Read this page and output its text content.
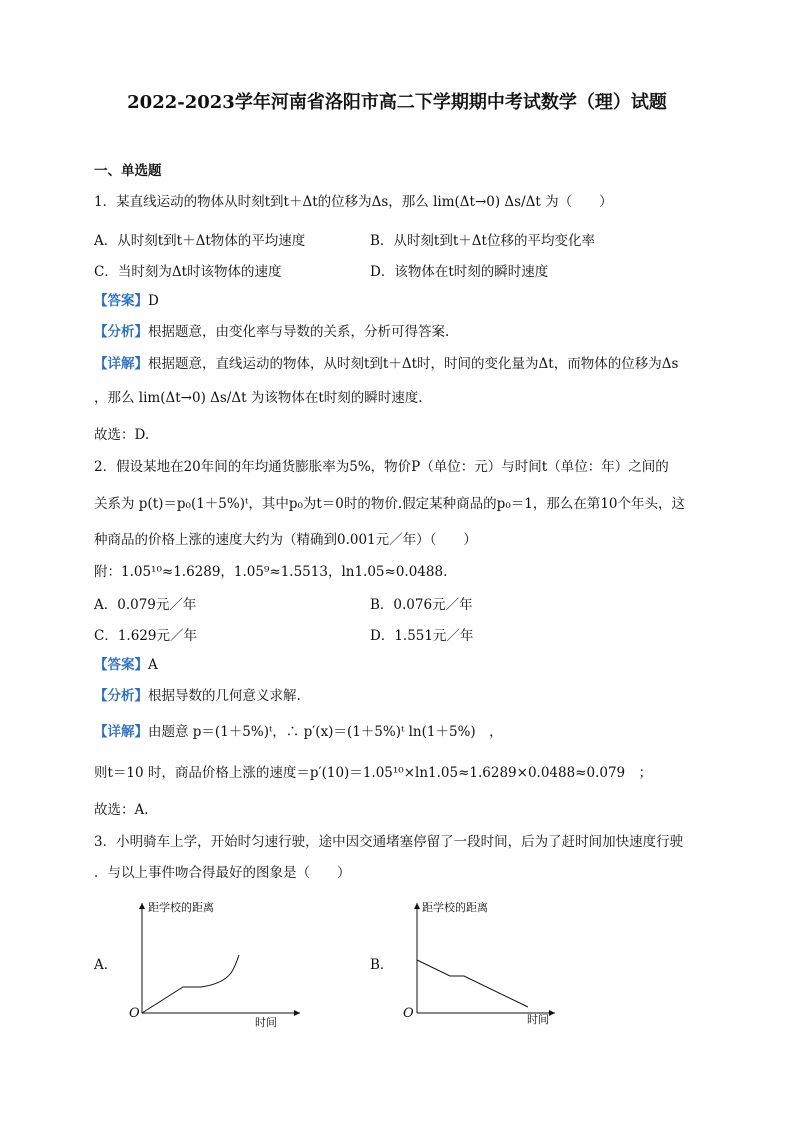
2022-2023学年河南省洛阳市高二下学期期中考试数学（理）试题
一、单选题
1．某直线运动的物体从时刻t到t＋Δt的位移为Δs，那么 lim(Δt→0) Δs/Δt 为（　　）
A．从时刻t到t＋Δt物体的平均速度	B．从时刻t到t＋Δt位移的平均变化率
C．当时刻为Δt时该物体的速度	D．该物体在t时刻的瞬时速度
【答案】D
【分析】根据题意，由变化率与导数的关系，分析可得答案.
【详解】根据题意，直线运动的物体，从时刻t到t＋Δt时，时间的变化量为Δt，而物体的位移为Δs
，那么 lim(Δt→0) Δs/Δt 为该物体在t时刻的瞬时速度.
故选：D.
2．假设某地在20年间的年均通货膨胀率为5%，物价P（单位：元）与时间t（单位：年）之间的
关系为 p(t)＝p₀(1＋5%)ᵗ，其中p₀为t＝0时的物价.假定某种商品的p₀＝1，那么在第10个年头，这
种商品的价格上涨的速度大约为（精确到0.001元／年）（　　）
附：1.05¹⁰≈1.6289，1.05⁹≈1.5513，ln1.05≈0.0488.
A．0.079元／年	B．0.076元／年
C．1.629元／年	D．1.551元／年
【答案】A
【分析】根据导数的几何意义求解.
【详解】由题意 p＝(1＋5%)ᵗ，∴ p′(x)＝(1＋5%)ᵗ ln(1＋5%)　，
则t＝10 时，商品价格上涨的速度＝p′(10)＝1.05¹⁰×ln1.05≈1.6289×0.0488≈0.079　；
故选：A.
3．小明骑车上学，开始时匀速行驶，途中因交通堵塞停留了一段时间，后为了赶时间加快速度行驶
．与以上事件吻合得最好的图象是（　　）
A．
距学校的距离
时间
O
B．
距学校的距离
时间
O
